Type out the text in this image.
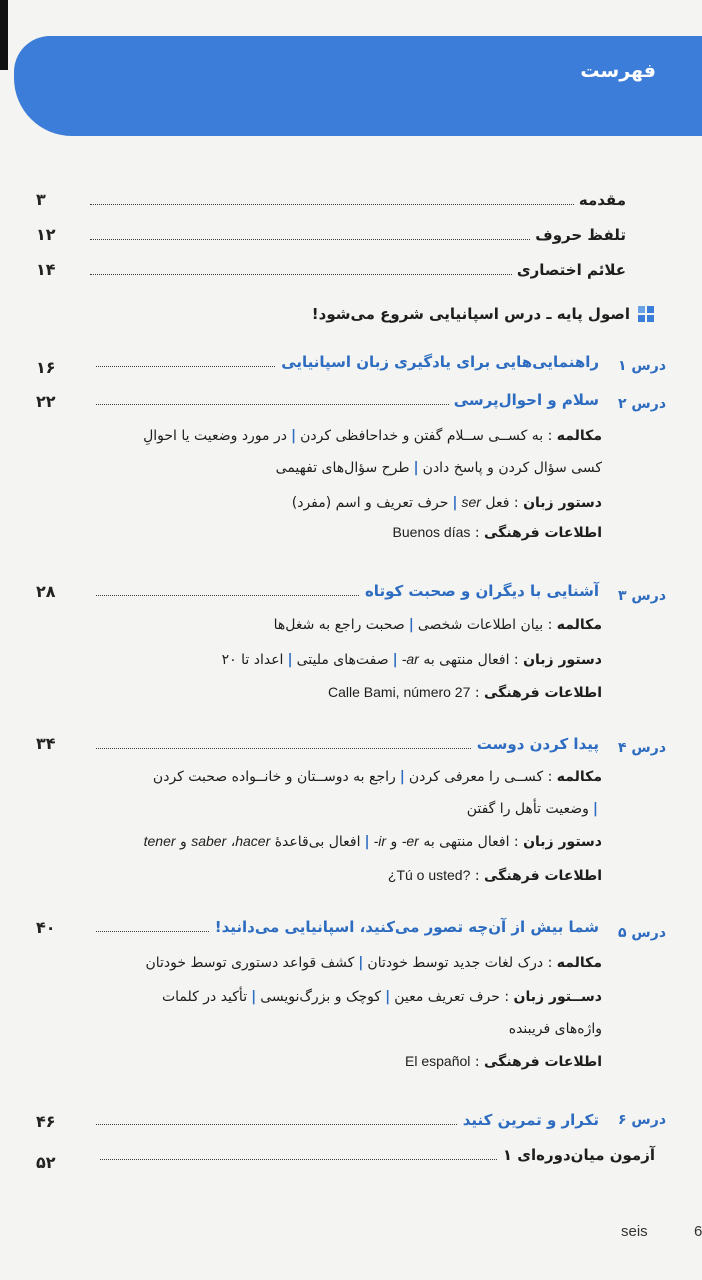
فهرست
مقدمه
۳
تلفظ حروف
۱۲
علائم اختصاری
۱۴
اصول پایه ـ درس اسپانیایی شروع می‌شود!
درس ۱
راهنمایی‌هایی برای یادگیری زبان اسپانیایی
۱۶
درس ۲
سلام و احوال‌پرسی
۲۲
مکالمه : به کســی ســلام گفتن و خداحافظی کردن|در مورد وضعیت یا احوالِ
کسی سؤال کردن و پاسخ دادن|طرح سؤال‌های تفهیمی
دستور زبان : فعل ser|حرف تعریف و اسم (مفرد)
اطلاعات فرهنگی : Buenos días
درس ۳
آشنایی با دیگران و صحبت کوتاه
۲۸
مکالمه : بیان اطلاعات شخصی|صحبت راجع به شغل‌ها
دستور زبان : افعال منتهی به -ar|صفت‌های ملیتی|اعداد تا ۲۰
اطلاعات فرهنگی : Calle Bami, número 27
درس ۴
پیدا کردن دوست
۳۴
مکالمه : کســی را معرفی کردن|راجع به دوســتان و خانــواده صحبت کردن
|وضعیت تأهل را گفتن
دستور زبان : افعال منتهی به -er و -ir|افعال بی‌قاعدهٔ hacer، saber و tener
اطلاعات فرهنگی : ¿Tú o usted?
درس ۵
شما بیش از آن‌چه تصور می‌کنید، اسپانیایی می‌دانید!
۴۰
مکالمه : درک لغات جدید توسط خودتان|کشف قواعد دستوری توسط خودتان
دســتور زبان : حرف تعریف معین|کوچک و بزرگ‌نویسی|تأکید در کلمات
واژه‌های فریبنده
اطلاعات فرهنگی : El español
درس ۶
تکرار و تمرین کنید
۴۶
آزمون میان‌دوره‌ای ۱
۵۲
seis	6
